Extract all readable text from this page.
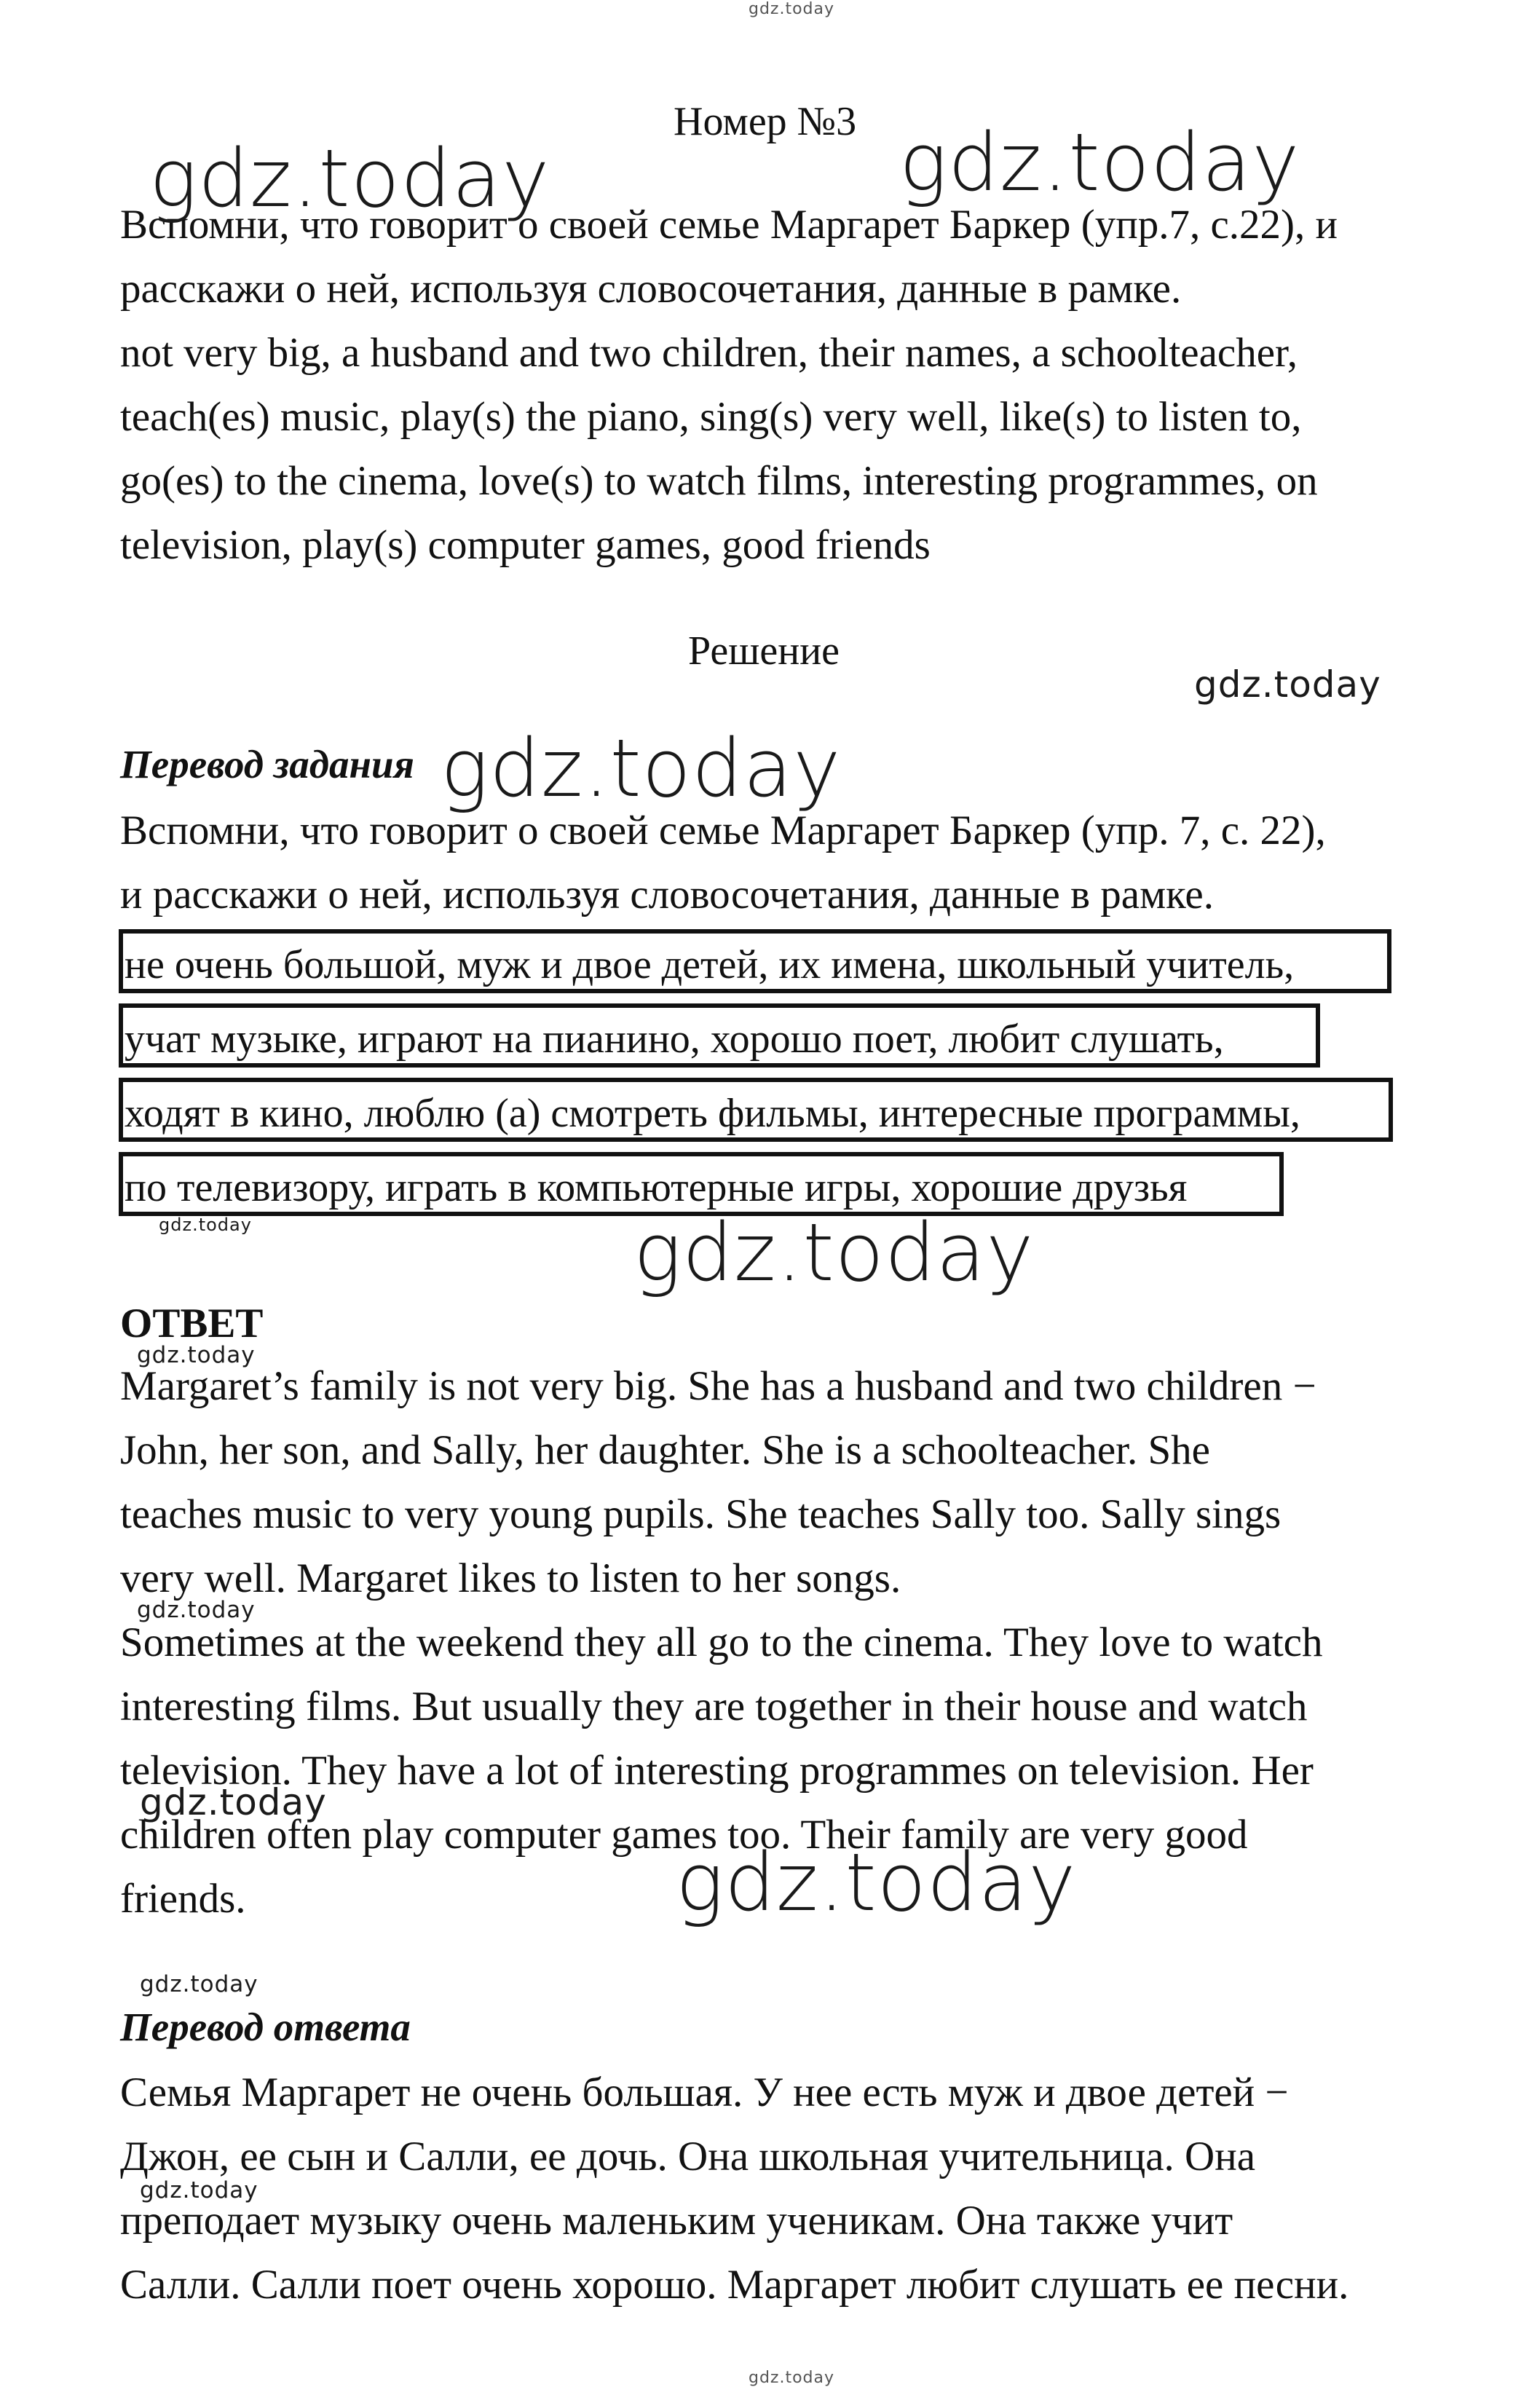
gdz.today
Номер №3

Вспомни, что говорит о своей семье Маргарет Баркер (упр.7, с.22), и

расскажи о ней, используя словосочетания, данные в рамке.

not very big, a husband and two children, their names, a schoolteacher,

teach(es) music, play(s) the piano, sing(s) very well, like(s) to listen to,

go(es) to the cinema, love(s) to watch films, interesting programmes, on

television, play(s) computer games, good friends

Решение
Перевод задания

Вспомни, что говорит о своей семье Маргарет Баркер (упр. 7, с. 22),

и расскажи о ней, используя словосочетания, данные в рамке.

не очень большой, муж и двое детей, их имена, школьный учитель,
учат музыке, играют на пианино, хорошо поет, любит слушать,
ходят в кино, люблю (а) смотреть фильмы, интересные программы,
по телевизору, играть в компьютерные игры, хорошие друзья
ОТВЕТ

Margaret’s family is not very big. She has a husband and two children −

John, her son, and Sally, her daughter. She is a schoolteacher. She

teaches music to very young pupils. She teaches Sally too. Sally sings

very well. Margaret likes to listen to her songs.

Sometimes at the weekend they all go to the cinema. They love to watch

interesting films. But usually they are together in their house and watch

television. They have a lot of interesting programmes on television. Her

children often play computer games too. Their family are very good

friends.

Перевод ответа

Семья Маргарет не очень большая. У нее есть муж и двое детей −

Джон, ее сын и Салли, ее дочь. Она школьная учительница. Она

преподает музыку очень маленьким ученикам. Она также учит

Салли. Салли поет очень хорошо. Маргарет любит слушать ее песни.

gdz.today	gdz.today
gdz.today
gdz.today
gdz.today	gdz.today
gdz.today
gdz.today
gdz.today
gdz.today
gdz.today
gdz.today
gdz.today
